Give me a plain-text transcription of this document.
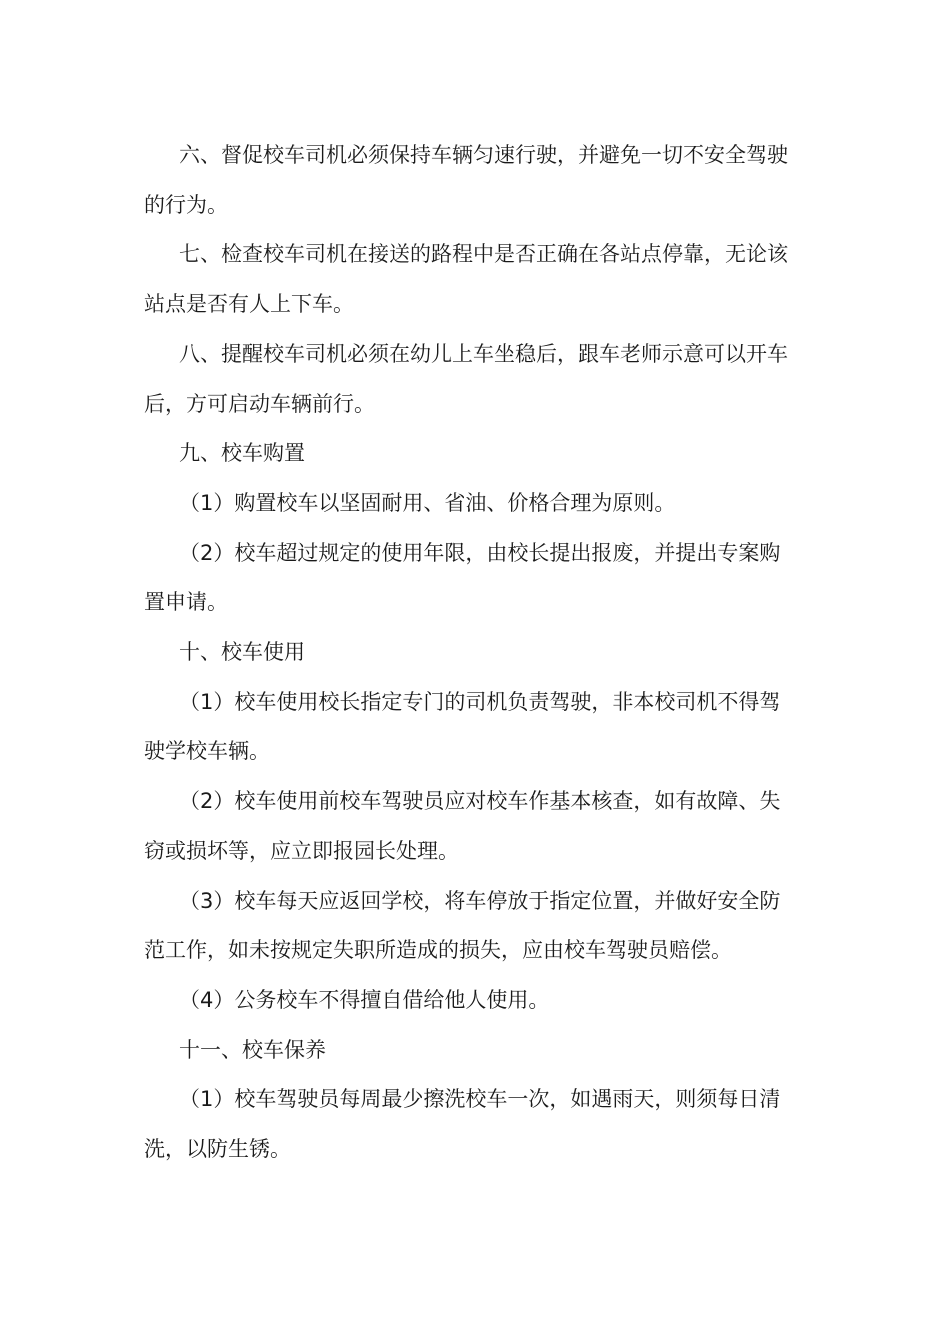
六、督促校车司机必须保持车辆匀速行驶，并避免一切不安全驾驶
的行为。

七、检查校车司机在接送的路程中是否正确在各站点停靠，无论该
站点是否有人上下车。

八、提醒校车司机必须在幼儿上车坐稳后，跟车老师示意可以开车
后，方可启动车辆前行。

九、校车购置

（1）购置校车以坚固耐用、省油、价格合理为原则。

（2）校车超过规定的使用年限，由校长提出报废，并提出专案购
置申请。

十、校车使用

（1）校车使用校长指定专门的司机负责驾驶，非本校司机不得驾
驶学校车辆。

（2）校车使用前校车驾驶员应对校车作基本核查，如有故障、失
窃或损坏等，应立即报园长处理。

（3）校车每天应返回学校，将车停放于指定位置，并做好安全防
范工作，如未按规定失职所造成的损失，应由校车驾驶员赔偿。

（4）公务校车不得擅自借给他人使用。

十一、校车保养

（1）校车驾驶员每周最少擦洗校车一次，如遇雨天，则须每日清
洗，以防生锈。
